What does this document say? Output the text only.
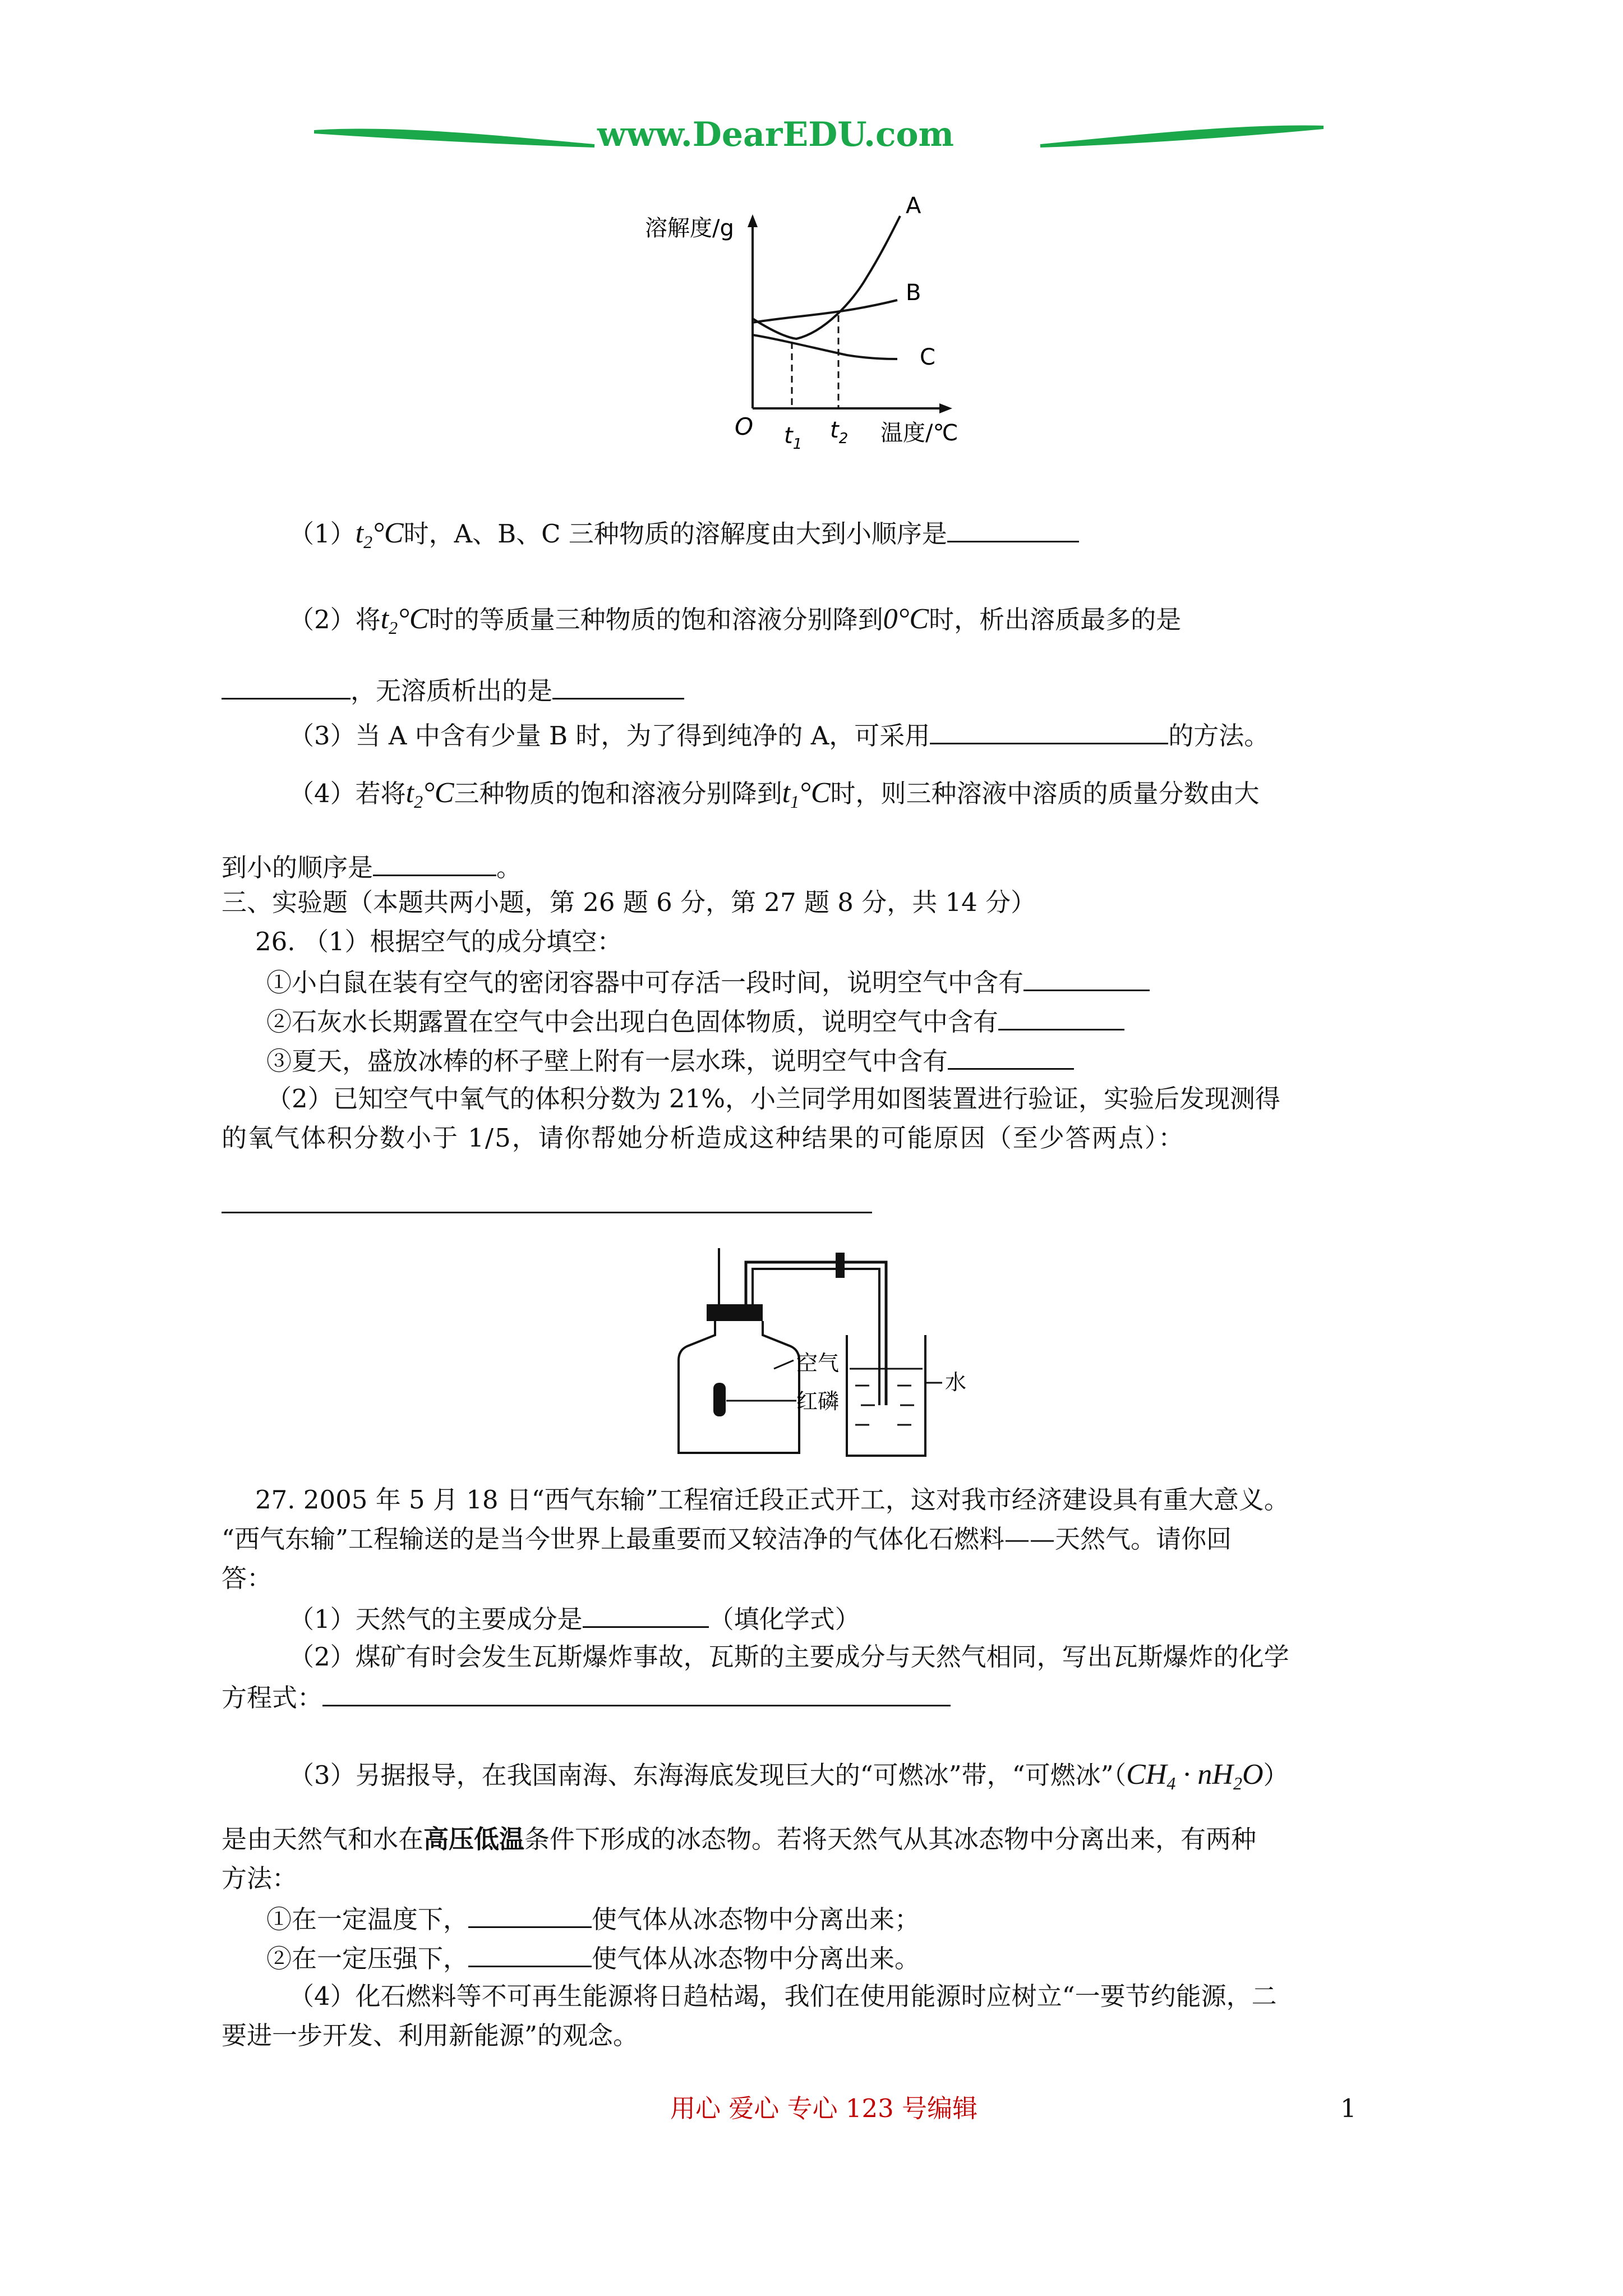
www.DearEDU.com
溶解度/g
O $t_1$
$t_2$ 温度/℃
A
B
C
$(1)t_2^\circ C$时，A、B、C 三种物质的溶解度由大到小顺序是
（2）将$t_2^\circ C$时的等质量三种物质的饱和溶液分别降到0°C时，析出溶质最多的是
，无溶质析出的是
（3）当 A 中含有少量 B 时，为了得到纯净的 A，可采用	的方法。
（4）若将$t_2^\circ C$三种物质的饱和溶液分别降到$t_1^\circ C$时，则三种溶液中溶质的质量分数由大
到小的顺序是	。
三、实验题（本题共两小题，第 26 题 6 分，第 27 题 8 分，共 14 分）
26. （1）根据空气的成分填空：
①小白鼠在装有空气的密闭容器中可存活一段时间，说明空气中含有
②石灰水长期露置在空气中会出现白色固体物质，说明空气中含有
③夏天，盛放冰棒的杯子壁上附有一层水珠，说明空气中含有
（2）已知空气中氧气的体积分数为 21%，小兰同学用如图装置进行验证，实验后发现测得
的氧气体积分数小于 1/5，请你帮她分析造成这种结果的可能原因（至少答两点）：
空气
红磷
水
27. 2005 年 5 月 18 日“西气东输”工程宿迁段正式开工，这对我市经济建设具有重大意义。
“西气东输”工程输送的是当今世界上最重要而又较洁净的气体化石燃料——天然气。请你回
答：
（1）天然气的主要成分是	（填化学式）
（2）煤矿有时会发生瓦斯爆炸事故，瓦斯的主要成分与天然气相同，写出瓦斯爆炸的化学
方程式：
（3）另据报导，在我国南海、东海海底发现巨大的“可燃冰”带，“可燃冰$”(CH_4 \cdot nH_2O)$
是由天然气和水在高压低温条件下形成的冰态物。若将天然气从其冰态物中分离出来，有两种
方法：
①在一定温度下，	使气体从冰态物中分离出来；
②在一定压强下，	使气体从冰态物中分离出来。
（4）化石燃料等不可再生能源将日趋枯竭，我们在使用能源时应树立“一要节约能源，二
要进一步开发、利用新能源”的观念。
用心 爱心 专心 123 号编辑	1
